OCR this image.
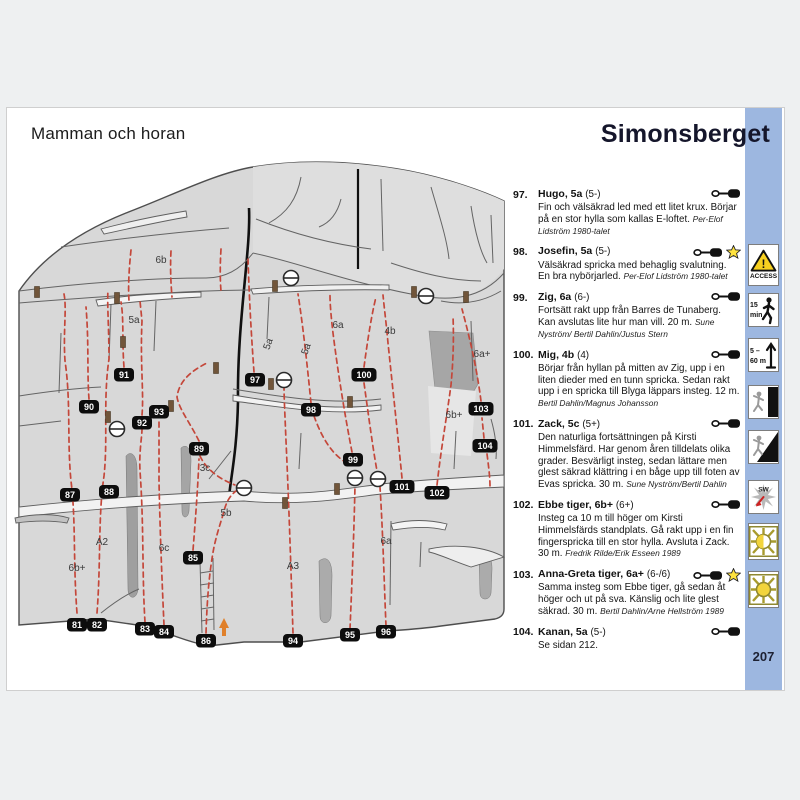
Mamman och horan	Simonsberget
6b
5a
5a 5a
6a
4b
6a+
3c
5b
6c
A2
6b+	A3
6b+
6a
81 82	83 84
85
86
87	88
89
90
91
92
93
94
95	96
97
98
99
100
101
102
103
104
97. Hugo, 5a (5-)
Fin och välsäkrad led med ett litet krux. Börjar på en stor hylla som kallas E-loftet. Per-Elof Lidström 1980-talet
98. Josefin, 5a (5-)
Välsäkrad spricka med behaglig svalutning. En bra nybörjarled. Per-Elof Lidström 1980-talet
99. Zig, 6a (6-)
Fortsätt rakt upp från Barres de Tunaberg. Kan avslutas lite hur man vill. 20 m. Sune Nyström/ Bertil Dahlin/Justus Stern
100. Mig, 4b (4)
Börjar från hyllan på mitten av Zig, upp i en liten dieder med en tunn spricka. Sedan rakt upp i en spricka till Blyga läppars insteg. 12 m. Bertil Dahlin/Magnus Johansson
101. Zack, 5c (5+)
Den naturliga fortsättningen på Kirsti Himmelsfärd. Har genom åren tilldelats olika grader. Besvärligt insteg, sedan lättare men glest säkrad klättring i en båge upp till foten av Evas spricka. 30 m. Sune Nyström/Bertil Dahlin
102. Ebbe tiger, 6b+ (6+)
Insteg ca 10 m till höger om Kirsti Himmelsfärds standplats. Gå rakt upp i en fin fingerspricka till en stor hylla. Avsluta i Zack. 30 m. Fredrik Rilde/Erik Esseen 1989
103. Anna-Greta tiger, 6a+ (6-/6)
Samma insteg som Ebbe tiger, gå sedan åt höger och ut på sva. Känslig och lite glest säkrad. 30 m. Bertil Dahlin/Arne Hellström 1989
104. Kanan, 5a (5-)
Se sidan 212.
!
ACCESS
15
min
5 –
60 m
SW
207
